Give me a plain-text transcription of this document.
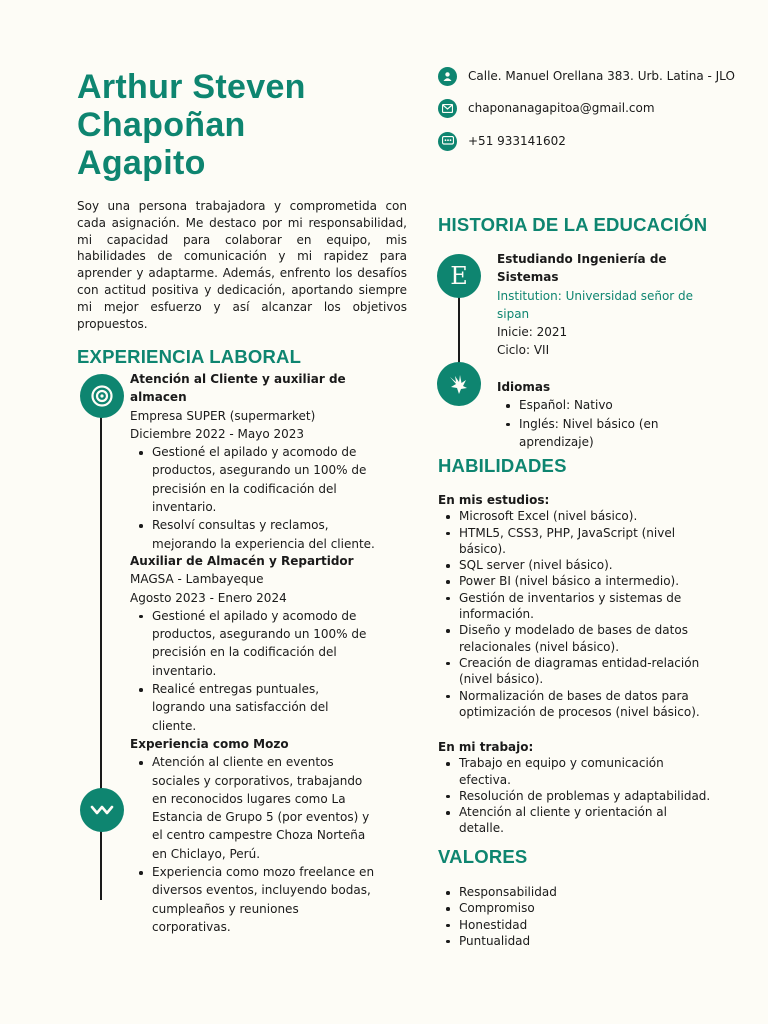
Arthur Steven
Chapoñan
Agapito

Soy una persona trabajadora y comprometida con cada asignación. Me destaco por mi responsabilidad, mi capacidad para colaborar en equipo, mis habilidades de comunicación y mi rapidez para aprender y adaptarme. Además, enfrento los desafíos con actitud positiva y dedicación, aportando siempre mi mejor esfuerzo y así alcanzar los objetivos propuestos.

Calle. Manuel Orellana 383. Urb. Latina - JLO
chaponanagapitoa@gmail.com
+51 933141602
EXPERIENCIA LABORAL
Atención al Cliente y auxiliar de almacen
Empresa SUPER (supermarket)
Diciembre 2022 - Mayo 2023
Gestioné el apilado y acomodo de productos, asegurando un 100% de precisión en la codificación del inventario.
Resolví consultas y reclamos, mejorando la experiencia del cliente.
Auxiliar de Almacén y Repartidor
MAGSA - Lambayeque
Agosto 2023 - Enero 2024
Gestioné el apilado y acomodo de productos, asegurando un 100% de precisión en la codificación del inventario.
Realicé entregas puntuales, logrando una satisfacción del cliente.
Experiencia como Mozo
Atención al cliente en eventos sociales y corporativos, trabajando en reconocidos lugares como La Estancia de Grupo 5 (por eventos) y el centro campestre Choza Norteña en Chiclayo, Perú.
Experiencia como mozo freelance en diversos eventos, incluyendo bodas, cumpleaños y reuniones corporativas.
HISTORIA DE LA EDUCACIÓN
E
Estudiando Ingeniería de Sistemas
Institution: Universidad señor de sipan
Inicie: 2021
Ciclo: VII
Idiomas
Español: Nativo
Inglés: Nivel básico (en aprendizaje)
HABILIDADES
En mis estudios:
Microsoft Excel (nivel básico).
HTML5, CSS3, PHP, JavaScript (nivel básico).
SQL server (nivel básico).
Power BI (nivel básico a intermedio).
Gestión de inventarios y sistemas de información.
Diseño y modelado de bases de datos relacionales (nivel básico).
Creación de diagramas entidad-relación (nivel básico).
Normalización de bases de datos para optimización de procesos (nivel básico).
En mi trabajo:
Trabajo en equipo y comunicación efectiva.
Resolución de problemas y adaptabilidad.
Atención al cliente y orientación al detalle.
VALORES
Responsabilidad
Compromiso
Honestidad
Puntualidad
